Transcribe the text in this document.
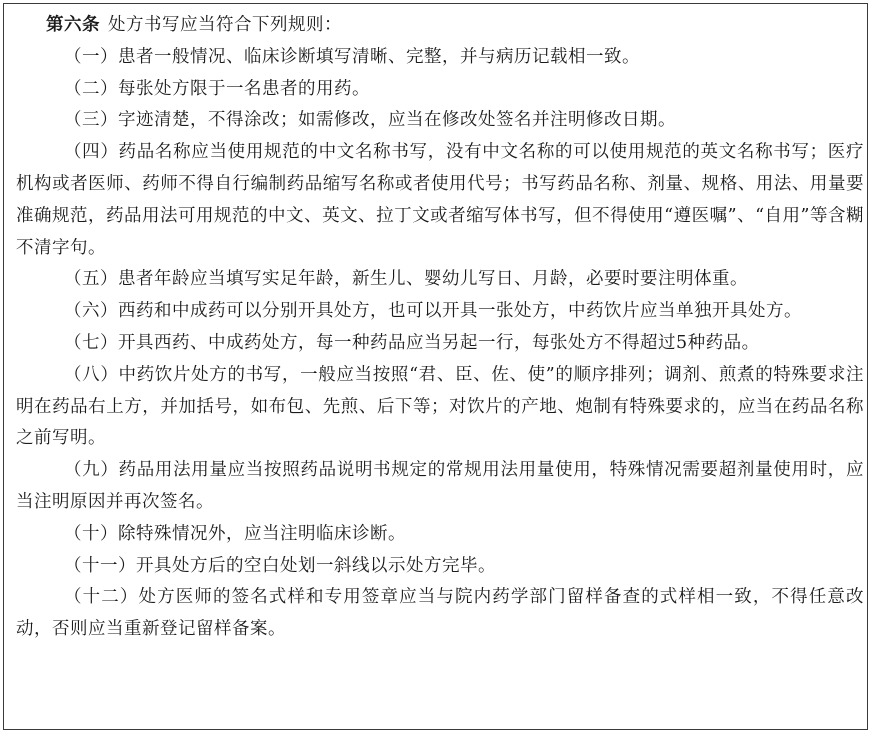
第六条 处方书写应当符合下列规则：

（一）患者一般情况、临床诊断填写清晰、完整，并与病历记载相一致。

（二）每张处方限于一名患者的用药。

（三）字迹清楚，不得涂改；如需修改，应当在修改处签名并注明修改日期。

（四）药品名称应当使用规范的中文名称书写，没有中文名称的可以使用规范的英文名称书写；医疗机构或者医师、药师不得自行编制药品缩写名称或者使用代号；书写药品名称、剂量、规格、用法、用量要准确规范，药品用法可用规范的中文、英文、拉丁文或者缩写体书写，但不得使用“遵医嘱”、“自用”等含糊不清字句。

（五）患者年龄应当填写实足年龄，新生儿、婴幼儿写日、月龄，必要时要注明体重。

（六）西药和中成药可以分别开具处方，也可以开具一张处方，中药饮片应当单独开具处方。

（七）开具西药、中成药处方，每一种药品应当另起一行，每张处方不得超过5种药品。

（八）中药饮片处方的书写，一般应当按照“君、臣、佐、使”的顺序排列；调剂、煎煮的特殊要求注明在药品右上方，并加括号，如布包、先煎、后下等；对饮片的产地、炮制有特殊要求的，应当在药品名称之前写明。

（九）药品用法用量应当按照药品说明书规定的常规用法用量使用，特殊情况需要超剂量使用时，应当注明原因并再次签名。

（十）除特殊情况外，应当注明临床诊断。

（十一）开具处方后的空白处划一斜线以示处方完毕。

（十二）处方医师的签名式样和专用签章应当与院内药学部门留样备查的式样相一致，不得任意改动，否则应当重新登记留样备案。
